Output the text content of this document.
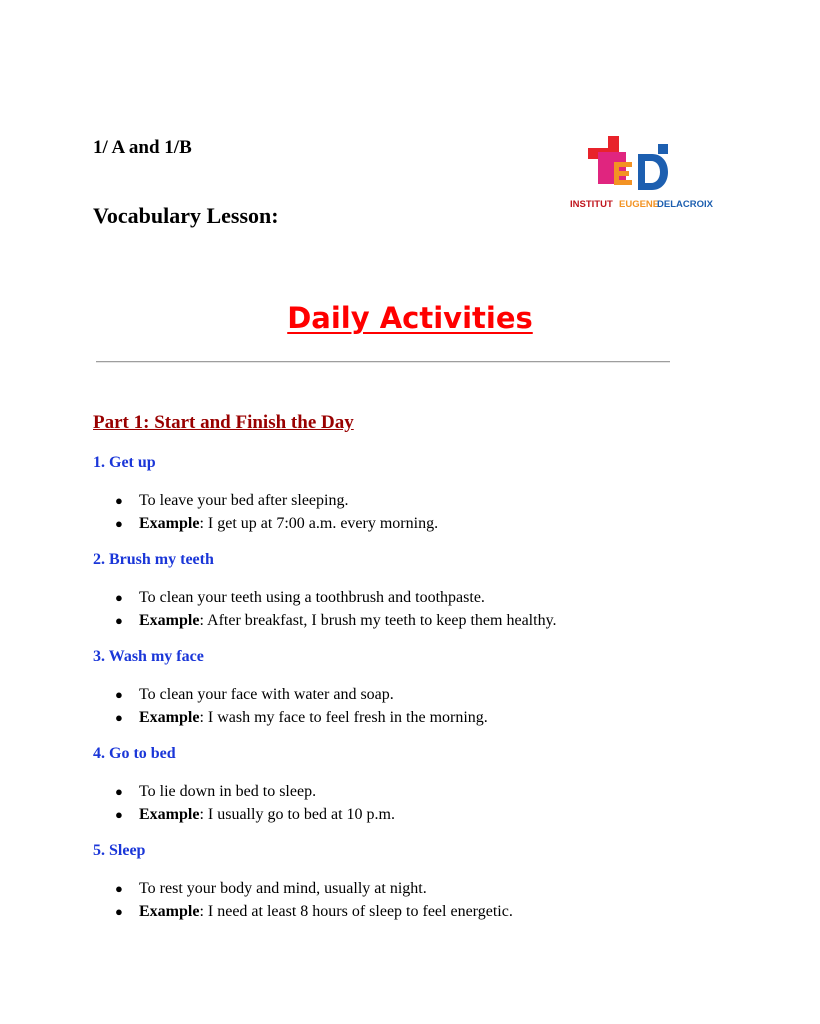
1/ A and 1/B
Vocabulary Lesson:	INSTITUT EUGENE
DELACROIX
Daily Activities
Part 1: Start and Finish the Day

1. Get up

● To leave your bed after sleeping.
● Example: I get up at 7:00 a.m. every morning.

2. Brush my teeth

● To clean your teeth using a toothbrush and toothpaste.
● Example: After breakfast, I brush my teeth to keep them healthy.

3. Wash my face

● To clean your face with water and soap.
● Example: I wash my face to feel fresh in the morning.

4. Go to bed

● To lie down in bed to sleep.
● Example: I usually go to bed at 10 p.m.

5. Sleep

● To rest your body and mind, usually at night.
● Example: I need at least 8 hours of sleep to feel energetic.
